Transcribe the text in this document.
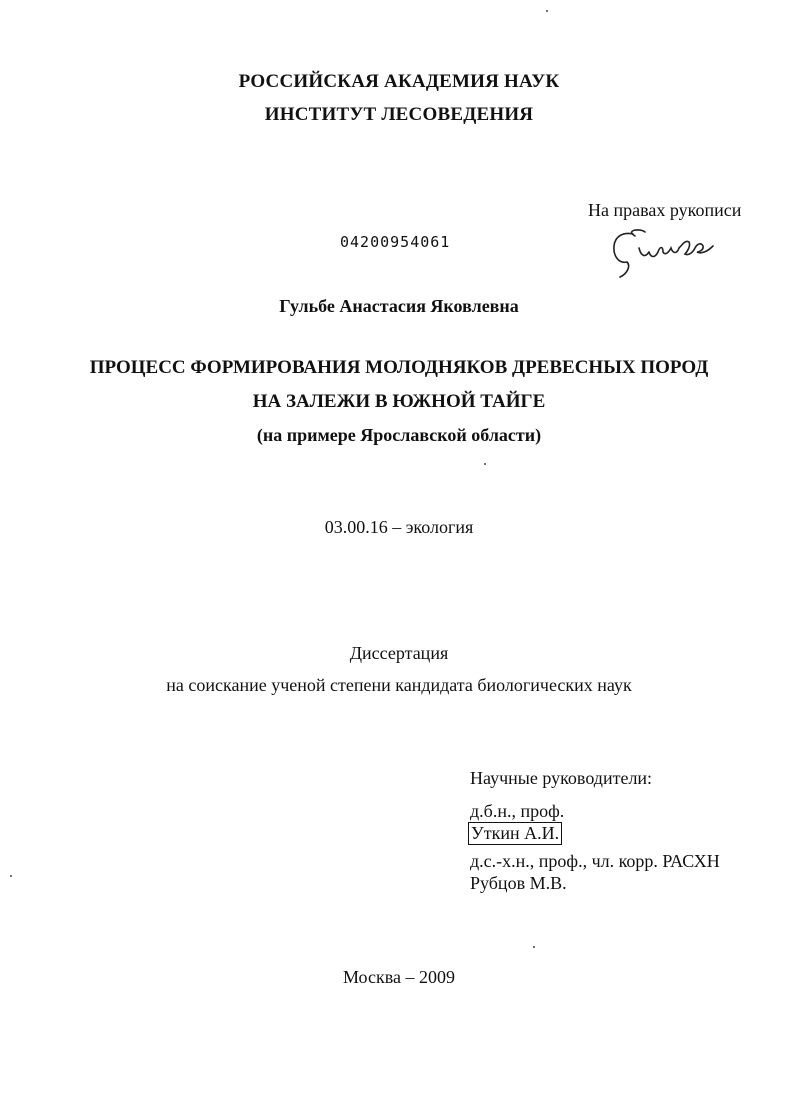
РОССИЙСКАЯ АКАДЕМИЯ НАУК
ИНСТИТУТ ЛЕСОВЕДЕНИЯ
На правах рукописи
04200954061
Гульбе Анастасия Яковлевна
ПРОЦЕСС ФОРМИРОВАНИЯ МОЛОДНЯКОВ ДРЕВЕСНЫХ ПОРОД
НА ЗАЛЕЖИ В ЮЖНОЙ ТАЙГЕ
(на примере Ярославской области)
03.00.16 – экология
Диссертация
на соискание ученой степени кандидата биологических наук
Научные руководители:
д.б.н., проф.
Уткин А.И.
д.с.-х.н., проф., чл. корр. РАСХН
Рубцов М.В.
Москва – 2009
